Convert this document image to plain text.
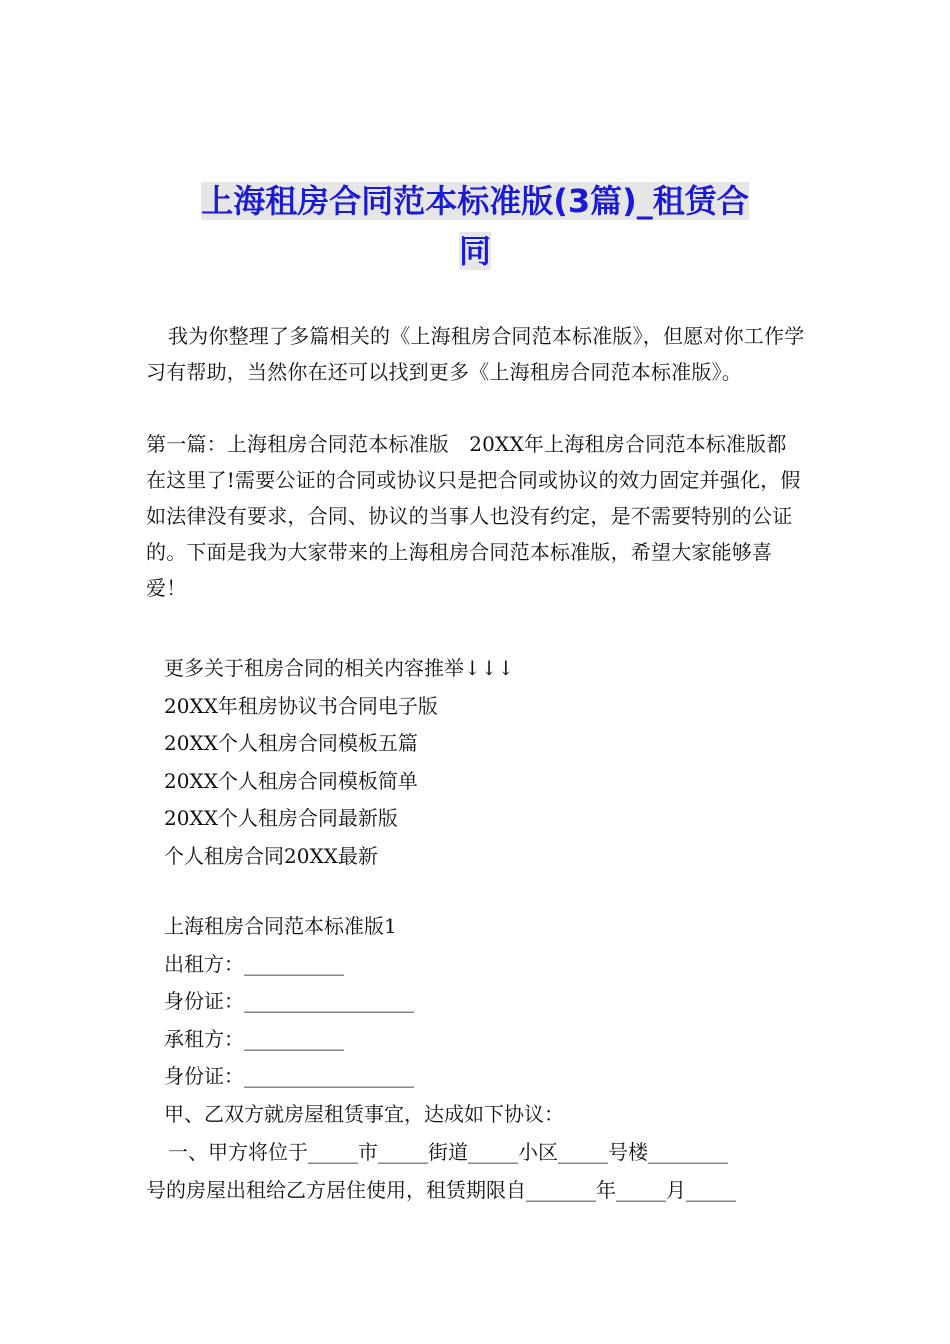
上海租房合同范本标准版(3篇)_租赁合
同
我为你整理了多篇相关的《上海租房合同范本标准版》，但愿对你工作学习有帮助，当然你在还可以找到更多《上海租房合同范本标准版》。
第一篇：上海租房合同范本标准版　20XX年上海租房合同范本标准版都在这里了!需要公证的合同或协议只是把合同或协议的效力固定并强化，假如法律没有要求，合同、协议的当事人也没有约定，是不需要特别的公证的。下面是我为大家带来的上海租房合同范本标准版，希望大家能够喜爱！
更多关于租房合同的相关内容推举↓↓↓
20XX年租房协议书合同电子版
20XX个人租房合同模板五篇
20XX个人租房合同模板简单
20XX个人租房合同最新版
个人租房合同20XX最新
上海租房合同范本标准版1
出租方：__________
身份证：_________________
承租方：__________
身份证：_________________
甲、乙双方就房屋租赁事宜，达成如下协议：
一、甲方将位于_____市_____街道_____小区_____号楼________
号的房屋出租给乙方居住使用，租赁期限自_______年_____月_____
